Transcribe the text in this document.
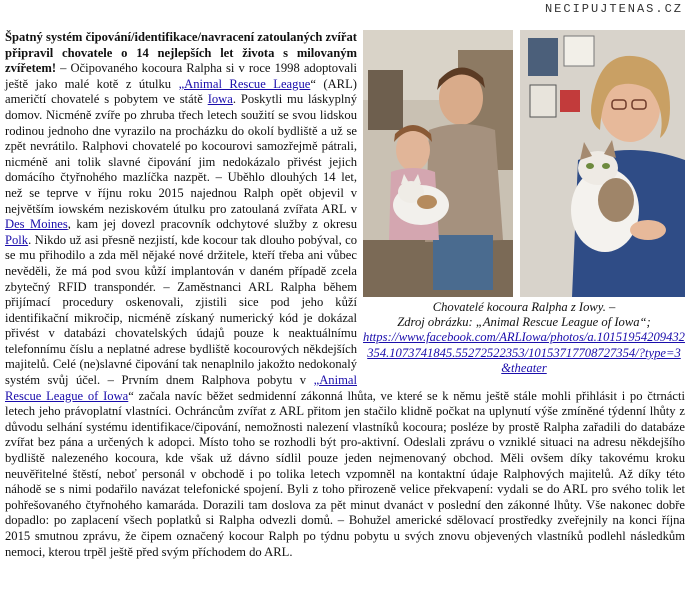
NECIPUJTENAS.CZ
Chovatelé kocoura Ralpha z Iowy. –
Zdroj obrázku: „Animal Rescue League of Iowa“;
https://www.facebook.com/ARLIowa/photos/a.10151954209432354.1073741845.55272522353/10153717708727354/?type=3&theater

Špatný systém čipování/identifikace/navracení zatoulaných zvířat připravil chovatele o 14 nejlepších let života s milovaným zvířetem! – Očipovaného kocoura Ralpha si v roce 1998 adoptovali ještě jako malé kotě z útulku „Animal Rescue League“ (ARL) američtí chovatelé s pobytem ve státě Iowa. Poskytli mu láskyplný domov. Nicméně zvíře po zhruba třech letech soužití se svou lidskou rodinou jednoho dne vyrazilo na procházku do okolí bydliště a už se zpět nevrátilo. Ralphovi chovatelé po kocourovi samozřejmě pátrali, nicméně ani tolik slavné čipování jim nedokázalo přivést jejich domácího čtyřnohého mazlíčka nazpět. – Uběhlo dlouhých 14 let, než se teprve v říjnu roku 2015 najednou Ralph opět objevil v největším iowském neziskovém útulku pro zatoulaná zvířata ARL v Des Moines, kam jej dovezl pracovník odchytové služby z okresu Polk. Nikdo už asi přesně nezjistí, kde kocour tak dlouho pobýval, co se mu přihodilo a zda měl nějaké nové držitele, kteří třeba ani vůbec nevěděli, že má pod svou kůží implantován v daném případě zcela zbytečný RFID transpondér. – Zaměstnanci ARL Ralpha během přijímací procedury oskenovali, zjistili sice pod jeho kůží identifikační mikročip, nicméně získaný numerický kód je dokázal přivést v databázi chovatelských údajů pouze k neaktuálnímu telefonnímu číslu a neplatné adrese bydliště kocourových někdejších majitelů. Celé (ne)slavné čipování tak nenaplnilo jakožto nedokonalý systém svůj účel. – Prvním dnem Ralphova pobytu v „Animal Rescue League of Iowa“ začala navíc běžet sedmidenní zákonná lhůta, ve které se k němu ještě stále mohli přihlásit i po čtrnácti letech jeho právoplatní vlastníci. Ochráncům zvířat z ARL přitom jen stačilo klidně počkat na uplynutí výše zmíněné týdenní lhůty z důvodu selhání systému identifikace/čipování, nemožnosti nalezení vlastníků kocoura; posléze by prostě Ralpha zařadili do databáze zvířat bez pána a určených k adopci. Místo toho se rozhodli být pro-aktivní. Odeslali zprávu o vzniklé situaci na adresu někdejšího bydliště nalezeného kocoura, kde však už dávno sídlil pouze jeden nejmenovaný obchod. Měli ovšem díky takovému kroku neuvěřitelné štěstí, neboť personál v obchodě i po tolika letech vzpomněl na kontaktní údaje Ralphových majitelů. Až díky této náhodě se s nimi podařilo navázat telefonické spojení. Byli z toho přirozeně velice překvapení: vydali se do ARL pro svého tolik let pohřešovaného čtyřnohého kamaráda. Dorazili tam doslova za pět minut dvanáct v poslední den zákonné lhůty. Vše nakonec dobře dopadlo: po zaplacení všech poplatků si Ralpha odvezli domů. – Bohužel americké sdělovací prostředky zveřejnily na konci října 2015 smutnou zprávu, že čipem označený kocour Ralph po týdnu pobytu u svých znovu objevených vlastníků podlehl následkům nemoci, kterou trpěl ještě před svým příchodem do ARL.
